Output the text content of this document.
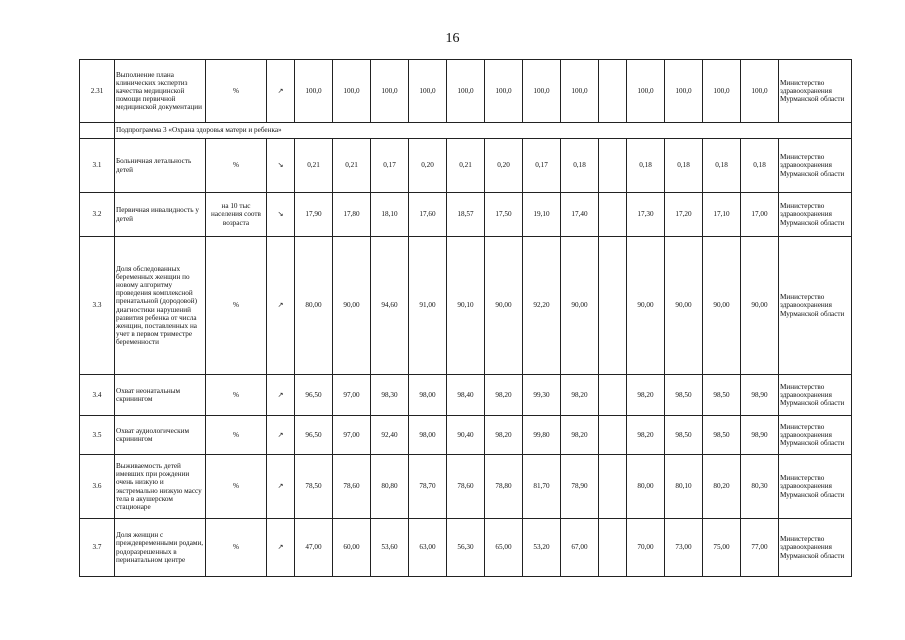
16
2.31	Выполнение плана клинических экспертиз качества медицинской помощи первичной медицинской документации	%	↗	100,0	100,0	100,0	100,0	100,0	100,0	100,0	100,0		100,0	100,0	100,0	100,0	Министерство здравоохранения Мурманской области
	Подпрограмма 3 «Охрана здоровья матери и ребенка»																
3.1	Больничная летальность детей	%	↘	0,21	0,21	0,17	0,20	0,21	0,20	0,17	0,18		0,18	0,18	0,18	0,18	Министерство здравоохранения Мурманской области
3.2	Первичная инвалидность у детей	на 10 тыс населения соотв возраста	↘	17,90	17,80	18,10	17,60	18,57	17,50	19,10	17,40		17,30	17,20	17,10	17,00	Министерство здравоохранения Мурманской области
3.3	Доля обследованных беременных женщин по новому алгоритму проведения комплексной пренатальной (дородовой) диагностики нарушений развития ребенка от числа женщин, поставленных на учет в первом триместре беременности	%	↗	80,00	90,00	94,60	91,00	90,10	90,00	92,20	90,00		90,00	90,00	90,00	90,00	Министерство здравоохранения Мурманской области
3.4	Охват неонатальным скринингом	%	↗	96,50	97,00	98,30	98,00	98,40	98,20	99,30	98,20		98,20	98,50	98,50	98,90	Министерство здравоохранения Мурманской области
3.5	Охват аудиологическим скринингом	%	↗	96,50	97,00	92,40	98,00	90,40	98,20	99,80	98,20		98,20	98,50	98,50	98,90	Министерство здравоохранения Мурманской области
3.6	Выживаемость детей имевших при рождении очень низкую и экстремально низкую массу тела в акушерском стационаре	%	↗	78,50	78,60	80,80	78,70	78,60	78,80	81,70	78,90		80,00	80,10	80,20	80,30	Министерство здравоохранения Мурманской области
3.7	Доля женщин с преждевременными родами, родоразрешенных в перинатальном центре	%	↗	47,00	60,00	53,60	63,00	56,30	65,00	53,20	67,00		70,00	73,00	75,00	77,00	Министерство здравоохранения Мурманской области
